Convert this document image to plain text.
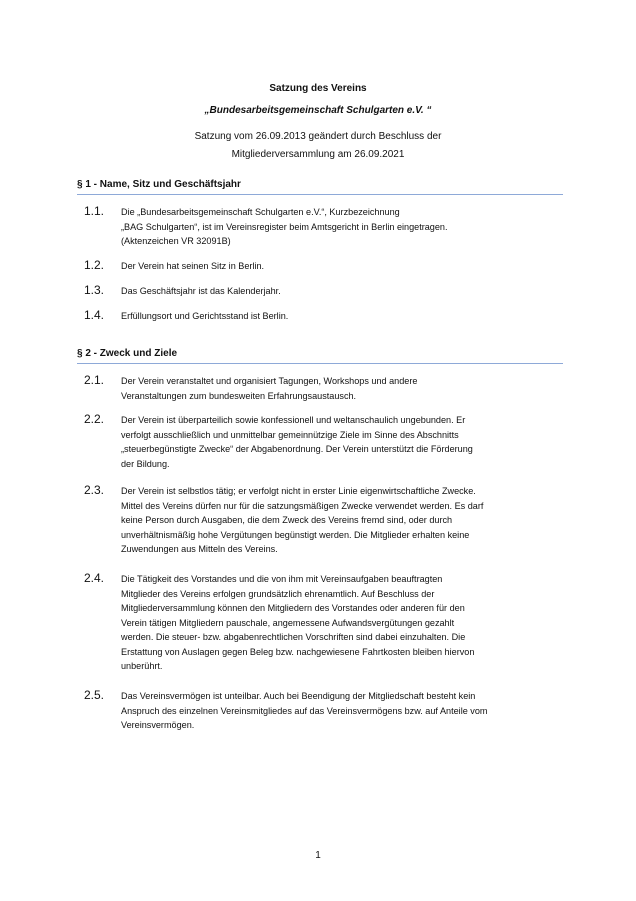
Satzung des Vereins
„Bundesarbeitsgemeinschaft Schulgarten e.V. “
Satzung vom 26.09.2013 geändert durch Beschluss der
Mitgliederversammlung am 26.09.2021
§ 1 - Name, Sitz und Geschäftsjahr
1.1.	Die „Bundesarbeitsgemeinschaft Schulgarten e.V.“, Kurzbezeichnung
„BAG Schulgarten“, ist im Vereinsregister beim Amtsgericht in Berlin eingetragen.
(Aktenzeichen VR 32091B)
1.2.	Der Verein hat seinen Sitz in Berlin.
1.3.	Das Geschäftsjahr ist das Kalenderjahr.
1.4.	Erfüllungsort und Gerichtsstand ist Berlin.
§ 2 - Zweck und Ziele
2.1.	Der Verein veranstaltet und organisiert Tagungen, Workshops und andere
Veranstaltungen zum bundesweiten Erfahrungsaustausch.
2.2.	Der Verein ist überparteilich sowie konfessionell und weltanschaulich ungebunden. Er
verfolgt ausschließlich und unmittelbar gemeinnützige Ziele im Sinne des Abschnitts
„steuerbegünstigte Zwecke“ der Abgabenordnung. Der Verein unterstützt die Förderung
der Bildung.
2.3.	Der Verein ist selbstlos tätig; er verfolgt nicht in erster Linie eigenwirtschaftliche Zwecke.
Mittel des Vereins dürfen nur für die satzungsmäßigen Zwecke verwendet werden. Es darf
keine Person durch Ausgaben, die dem Zweck des Vereins fremd sind, oder durch
unverhältnismäßig hohe Vergütungen begünstigt werden. Die Mitglieder erhalten keine
Zuwendungen aus Mitteln des Vereins.
2.4.	Die Tätigkeit des Vorstandes und die von ihm mit Vereinsaufgaben beauftragten
Mitglieder des Vereins erfolgen grundsätzlich ehrenamtlich. Auf Beschluss der
Mitgliederversammlung können den Mitgliedern des Vorstandes oder anderen für den
Verein tätigen Mitgliedern pauschale, angemessene Aufwandsvergütungen gezahlt
werden. Die steuer- bzw. abgabenrechtlichen Vorschriften sind dabei einzuhalten. Die
Erstattung von Auslagen gegen Beleg bzw. nachgewiesene Fahrtkosten bleiben hiervon
unberührt.
2.5.	Das Vereinsvermögen ist unteilbar. Auch bei Beendigung der Mitgliedschaft besteht kein
Anspruch des einzelnen Vereinsmitgliedes auf das Vereinsvermögens bzw. auf Anteile vom
Vereinsvermögen.
1
